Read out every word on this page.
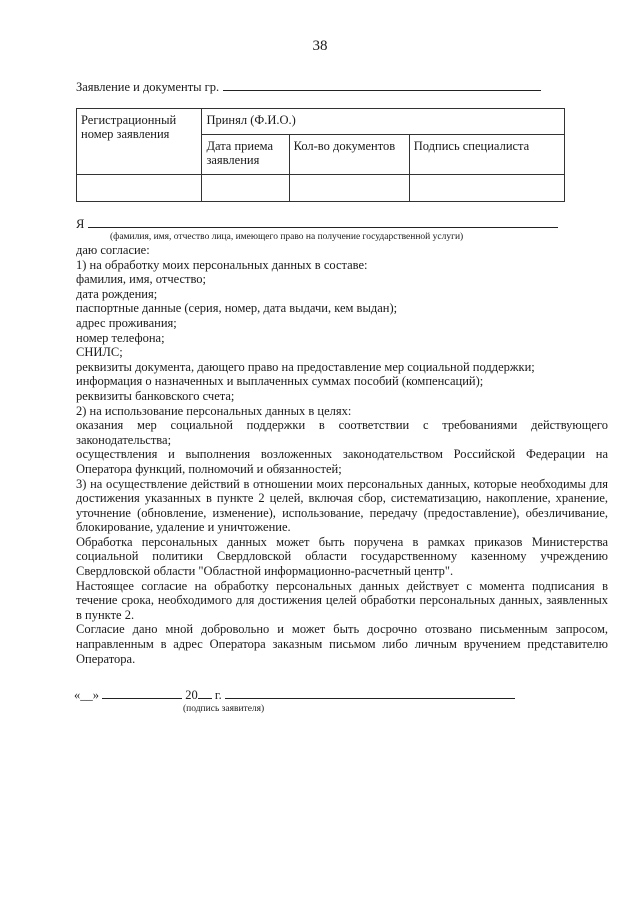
38
Заявление и документы гр.
Регистрационный номер заявления	Принял (Ф.И.О.)		
	Дата приема заявления	Кол-во документов	Подпись специалиста

Я
(фамилия, имя, отчество лица, имеющего право на получение государственной услуги)
даю согласие:
1) на обработку моих персональных данных в составе:
фамилия, имя, отчество;
дата рождения;
паспортные данные (серия, номер, дата выдачи, кем выдан);
адрес проживания;
номер телефона;
СНИЛС;
реквизиты документа, дающего право на предоставление мер социальной поддержки;
информация о назначенных и выплаченных суммах пособий (компенсаций);
реквизиты банковского счета;
2) на использование персональных данных в целях:
оказания мер социальной поддержки в соответствии с требованиями действующего законодательства;
осуществления и выполнения возложенных законодательством Российской Федерации на Оператора функций, полномочий и обязанностей;
3) на осуществление действий в отношении моих персональных данных, которые необходимы для достижения указанных в пункте 2 целей, включая сбор, систематизацию, накопление, хранение, уточнение (обновление, изменение), использование, передачу (предоставление), обезличивание, блокирование, удаление и уничтожение.
Обработка персональных данных может быть поручена в рамках приказов Министерства социальной политики Свердловской области государственному казенному учреждению Свердловской области "Областной информационно-расчетный центр".
Настоящее согласие на обработку персональных данных действует с момента подписания в течение срока, необходимого для достижения целей обработки персональных данных, заявленных в пункте 2.
Согласие дано мной добровольно и может быть досрочно отозвано письменным запросом, направленным в адрес Оператора заказным письмом либо личным вручением представителю Оператора.
«__»	20 г.
(подпись заявителя)
